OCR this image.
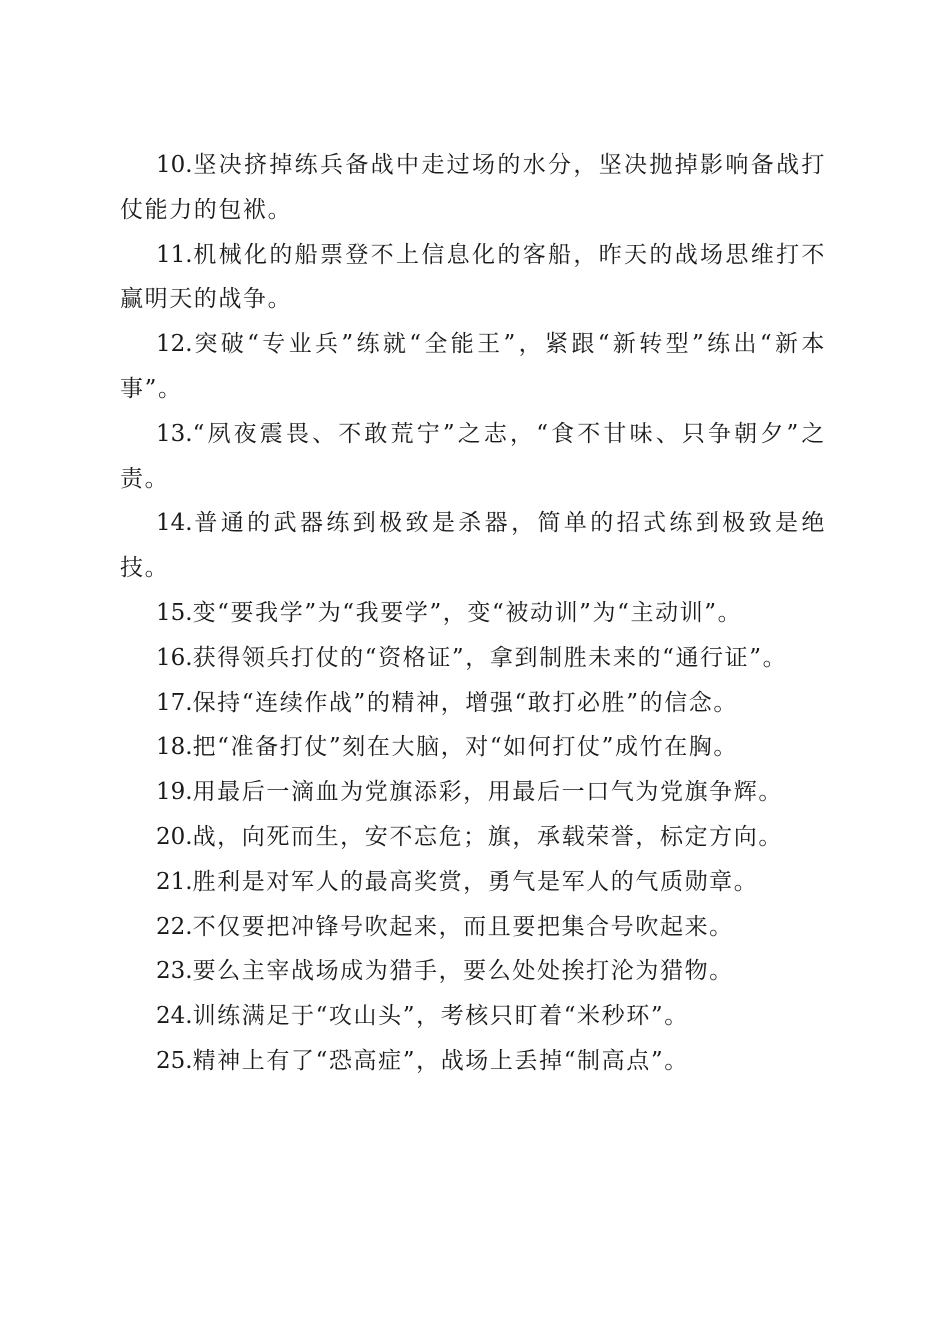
10.坚决挤掉练兵备战中走过场的水分，坚决抛掉影响备战打仗能力的包袱。

11.机械化的船票登不上信息化的客船，昨天的战场思维打不赢明天的战争。

12.突破“专业兵”练就“全能王”，紧跟“新转型”练出“新本事”。

13.“夙夜震畏、不敢荒宁”之志，“食不甘味、只争朝夕”之责。

14.普通的武器练到极致是杀器，简单的招式练到极致是绝技。

15.变“要我学”为“我要学”，变“被动训”为“主动训”。

16.获得领兵打仗的“资格证”，拿到制胜未来的“通行证”。

17.保持“连续作战”的精神，增强“敢打必胜”的信念。

18.把“准备打仗”刻在大脑，对“如何打仗”成竹在胸。

19.用最后一滴血为党旗添彩，用最后一口气为党旗争辉。

20.战，向死而生，安不忘危；旗，承载荣誉，标定方向。

21.胜利是对军人的最高奖赏，勇气是军人的气质勋章。

22.不仅要把冲锋号吹起来，而且要把集合号吹起来。

23.要么主宰战场成为猎手，要么处处挨打沦为猎物。

24.训练满足于“攻山头”，考核只盯着“米秒环”。

25.精神上有了“恐高症”，战场上丢掉“制高点”。
